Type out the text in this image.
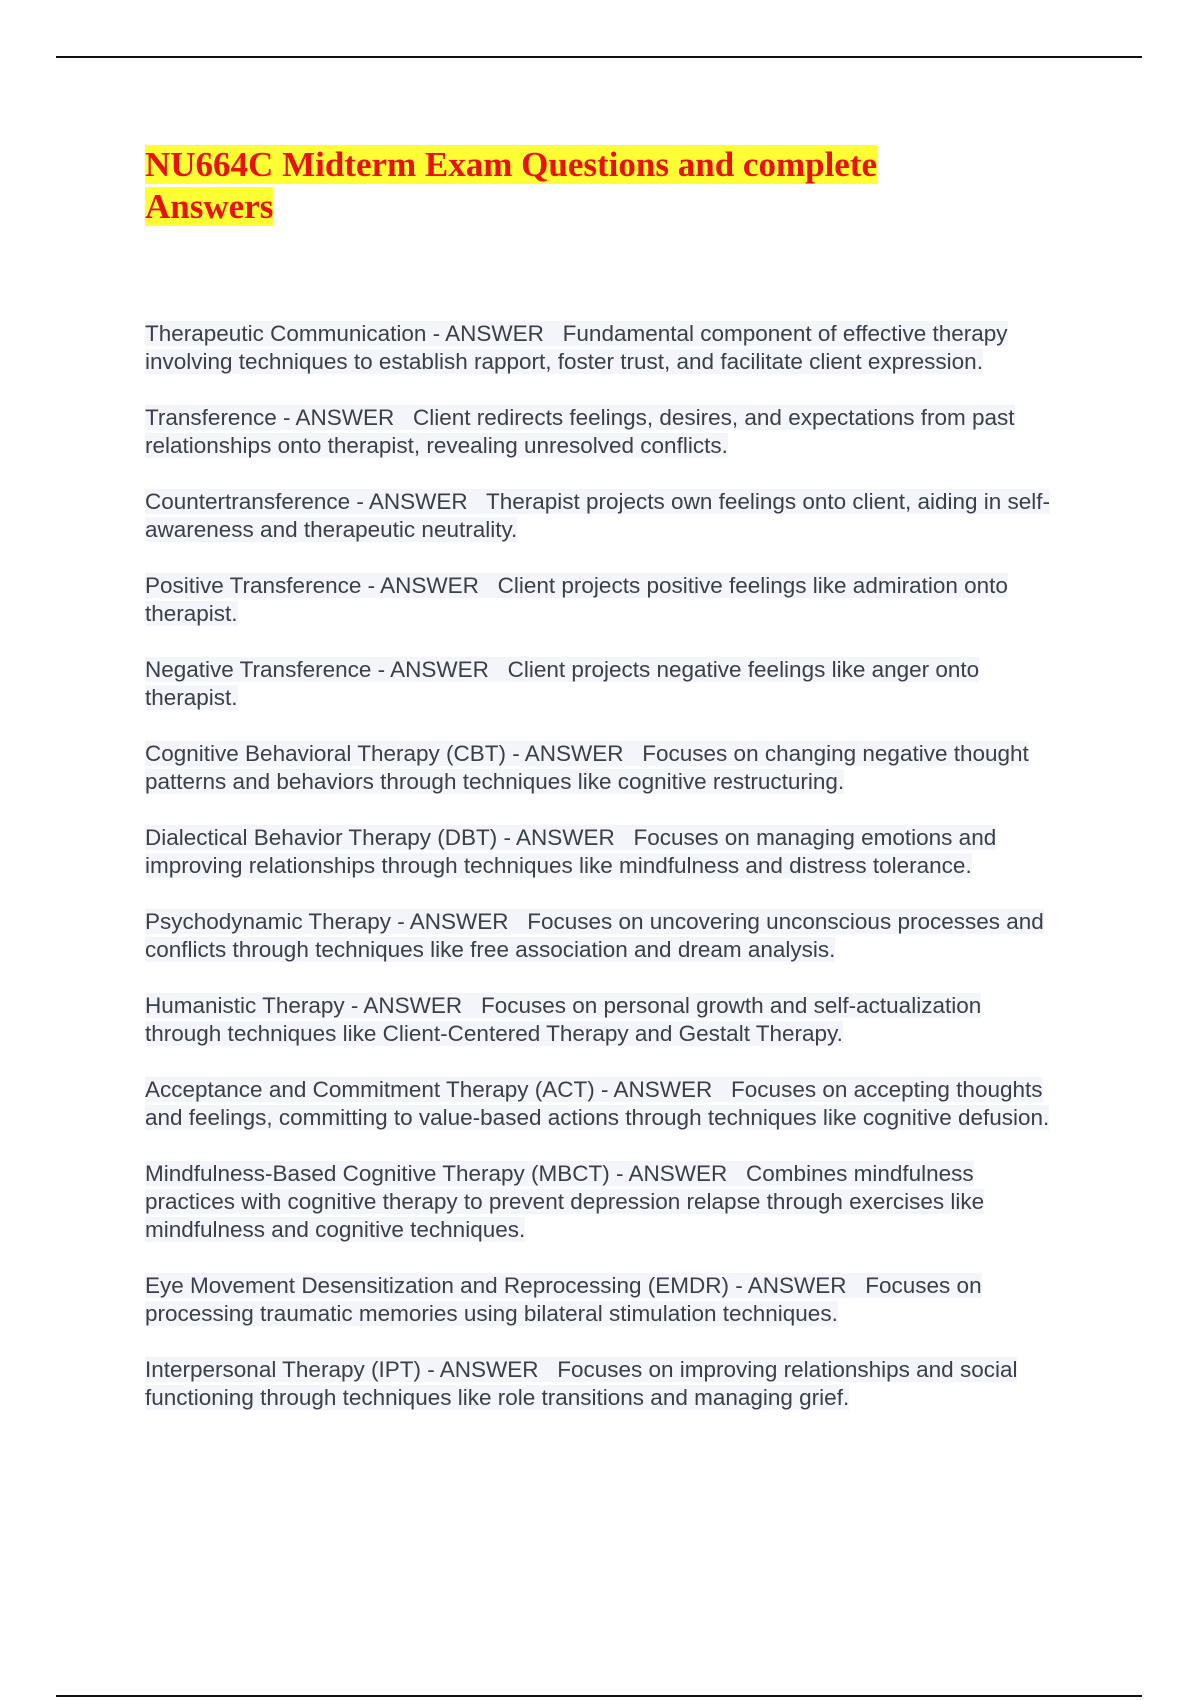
NU664C Midterm Exam Questions and complete Answers

Therapeutic Communication - ANSWER Fundamental component of effective therapy involving techniques to establish rapport, foster trust, and facilitate client expression.

Transference - ANSWER Client redirects feelings, desires, and expectations from past relationships onto therapist, revealing unresolved conflicts.

Countertransference - ANSWER Therapist projects own feelings onto client, aiding in self-awareness and therapeutic neutrality.

Positive Transference - ANSWER Client projects positive feelings like admiration onto therapist.

Negative Transference - ANSWER Client projects negative feelings like anger onto therapist.

Cognitive Behavioral Therapy (CBT) - ANSWER Focuses on changing negative thought patterns and behaviors through techniques like cognitive restructuring.

Dialectical Behavior Therapy (DBT) - ANSWER Focuses on managing emotions and improving relationships through techniques like mindfulness and distress tolerance.

Psychodynamic Therapy - ANSWER Focuses on uncovering unconscious processes and conflicts through techniques like free association and dream analysis.

Humanistic Therapy - ANSWER Focuses on personal growth and self-actualization through techniques like Client-Centered Therapy and Gestalt Therapy.

Acceptance and Commitment Therapy (ACT) - ANSWER Focuses on accepting thoughts and feelings, committing to value-based actions through techniques like cognitive defusion.

Mindfulness-Based Cognitive Therapy (MBCT) - ANSWER Combines mindfulness practices with cognitive therapy to prevent depression relapse through exercises like mindfulness and cognitive techniques.

Eye Movement Desensitization and Reprocessing (EMDR) - ANSWER Focuses on processing traumatic memories using bilateral stimulation techniques.

Interpersonal Therapy (IPT) - ANSWER Focuses on improving relationships and social functioning through techniques like role transitions and managing grief.
